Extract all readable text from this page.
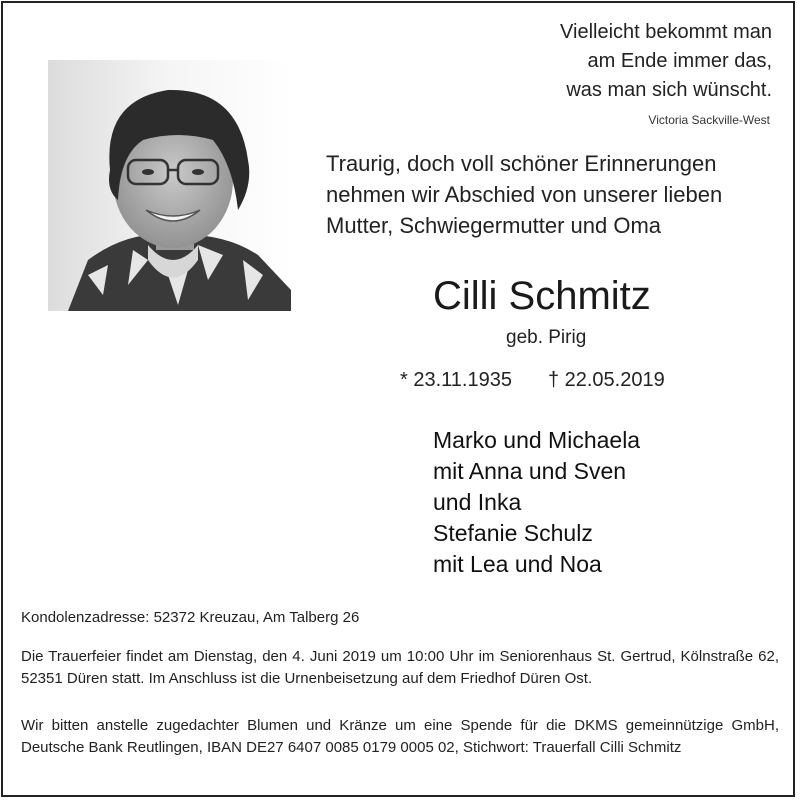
Vielleicht bekommt man
am Ende immer das,
was man sich wünscht.
Victoria Sackville-West
Traurig, doch voll schöner Erinnerungen
nehmen wir Abschied von unserer lieben
Mutter, Schwiegermutter und Oma
Cilli Schmitz
geb. Pirig
* 23.11.1935 † 22.05.2019
Marko und Michaela
mit Anna und Sven
und Inka
Stefanie Schulz
mit Lea und Noa
Kondolenzadresse: 52372 Kreuzau, Am Talberg 26
Die Trauerfeier findet am Dienstag, den 4. Juni 2019 um 10:00 Uhr im Seniorenhaus St. Gertrud, Kölnstraße 62, 52351 Düren statt. Im Anschluss ist die Urnenbeisetzung auf dem Friedhof Düren Ost.
Wir bitten anstelle zugedachter Blumen und Kränze um eine Spende für die DKMS gemeinnützige GmbH, Deutsche Bank Reutlingen, IBAN DE27 6407 0085 0179 0005 02, Stichwort: Trauerfall Cilli Schmitz
